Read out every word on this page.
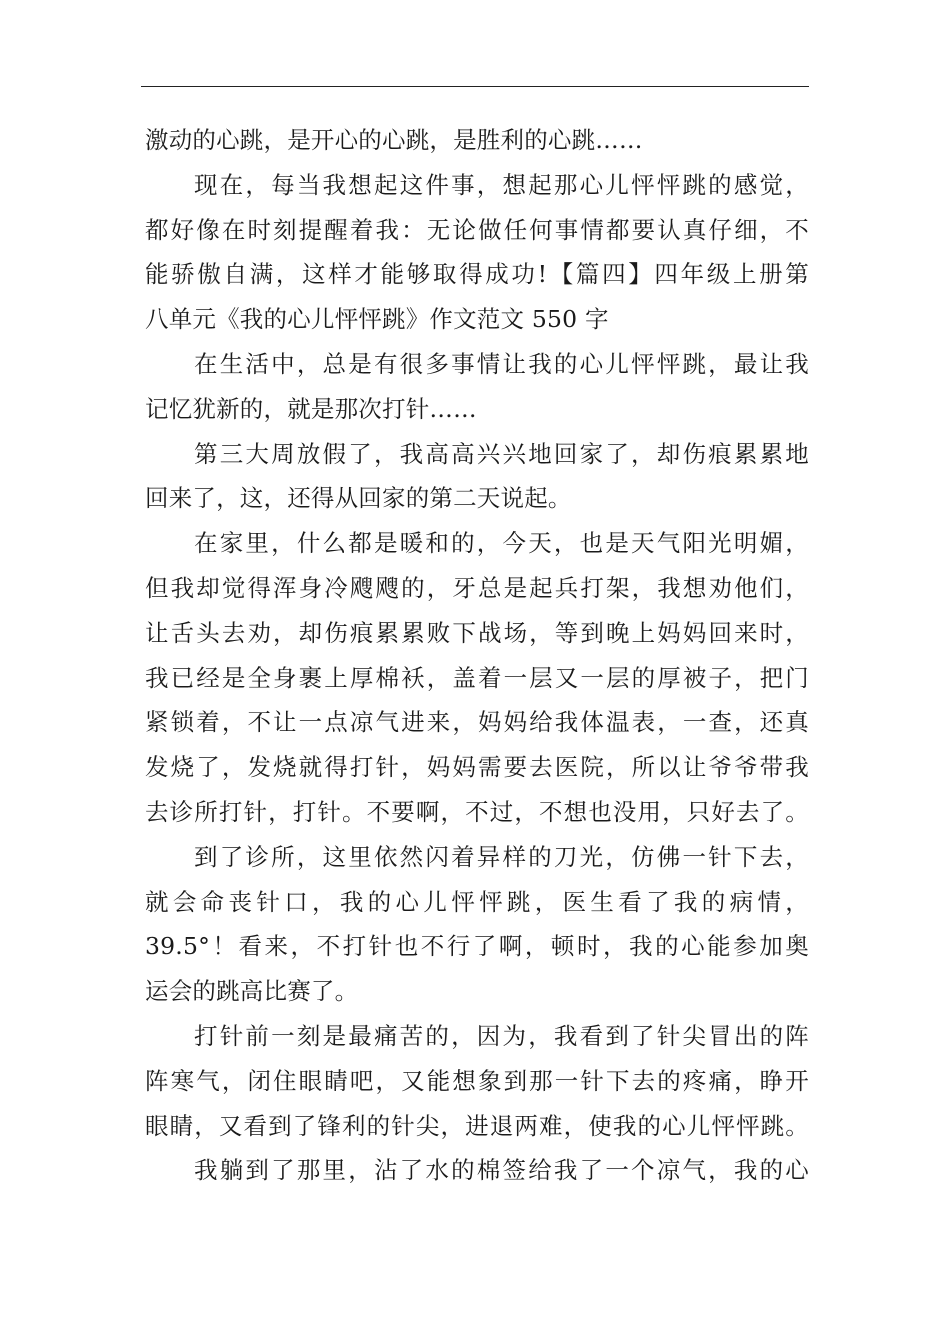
激动的心跳，是开心的心跳，是胜利的心跳……
现在，每当我想起这件事，想起那心儿怦怦跳的感觉，
都好像在时刻提醒着我：无论做任何事情都要认真仔细，不
能骄傲自满，这样才能够取得成功!【篇四】四年级上册第
八单元《我的心儿怦怦跳》作文范文 550 字
在生活中，总是有很多事情让我的心儿怦怦跳，最让我
记忆犹新的，就是那次打针……
第三大周放假了，我高高兴兴地回家了，却伤痕累累地
回来了，这，还得从回家的第二天说起。
在家里，什么都是暖和的，今天，也是天气阳光明媚，
但我却觉得浑身冷飕飕的，牙总是起兵打架，我想劝他们，
让舌头去劝，却伤痕累累败下战场，等到晚上妈妈回来时，
我已经是全身裹上厚棉袄，盖着一层又一层的厚被子，把门
紧锁着，不让一点凉气进来，妈妈给我体温表，一查，还真
发烧了，发烧就得打针，妈妈需要去医院，所以让爷爷带我
去诊所打针，打针。不要啊，不过，不想也没用，只好去了。
到了诊所，这里依然闪着异样的刀光，仿佛一针下去，
就会命丧针口，我的心儿怦怦跳，医生看了我的病情，
39.5°！看来，不打针也不行了啊，顿时，我的心能参加奥
运会的跳高比赛了。
打针前一刻是最痛苦的，因为，我看到了针尖冒出的阵
阵寒气，闭住眼睛吧，又能想象到那一针下去的疼痛，睁开
眼睛，又看到了锋利的针尖，进退两难，使我的心儿怦怦跳。
我躺到了那里，沾了水的棉签给我了一个凉气，我的心
